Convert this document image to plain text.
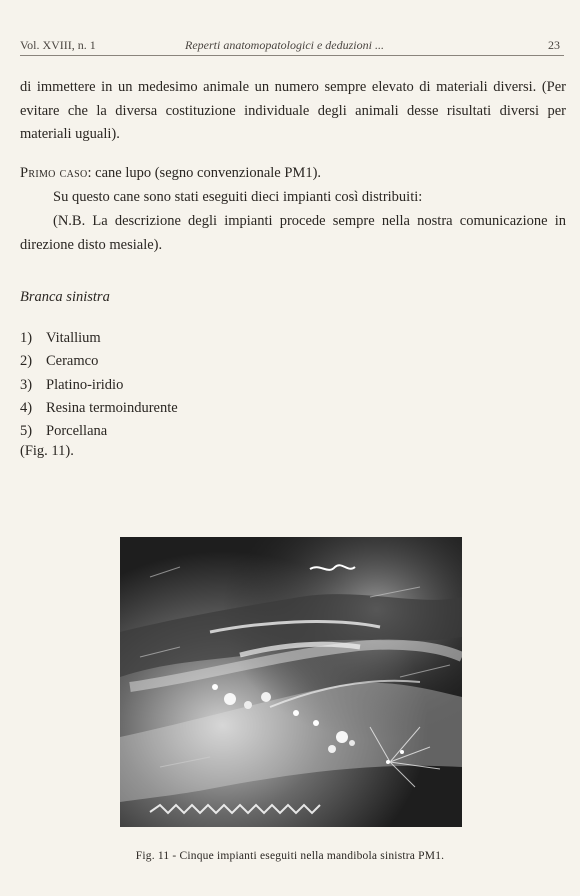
Vol. XVIII, n. 1	Reperti anatomopatologici e deduzioni ...	23

di immettere in un medesimo animale un numero sempre elevato di materiali diversi. (Per evitare che la diversa costituzione individuale degli animali desse risultati diversi per materiali uguali).

Primo caso: cane lupo (segno convenzionale PM1).

Su questo cane sono stati eseguiti dieci impianti così distribuiti:

(N.B. La descrizione degli impianti procede sempre nella nostra comunicazione in direzione disto mesiale).

Branca sinistra
1) Vitallium
2) Ceramco
3) Platino-iridio
4) Resina termoindurente
5) Porcellana
(Fig. 11).
Fig. 11 - Cinque impianti eseguiti nella mandibola sinistra PM1.
